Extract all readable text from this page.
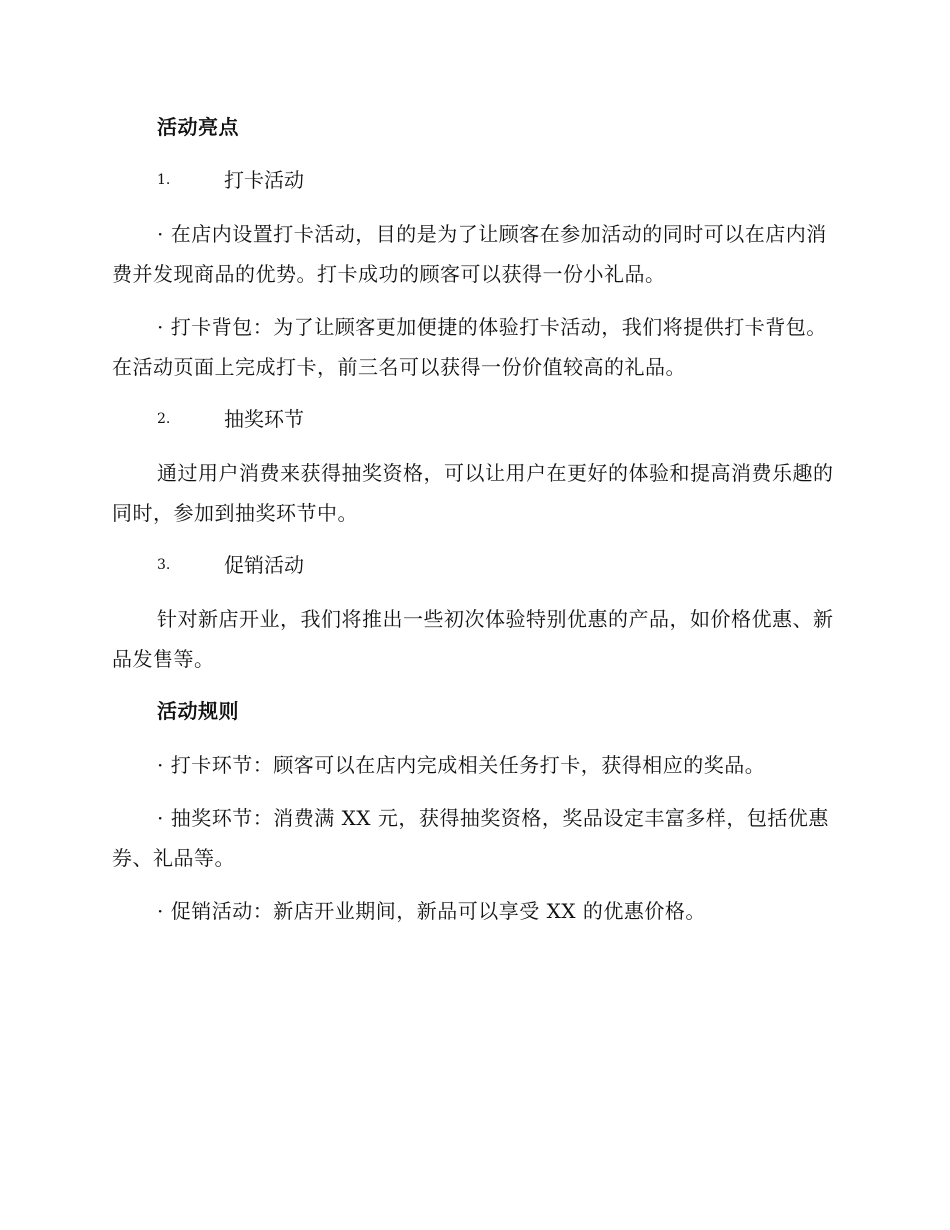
活动亮点
1.	打卡活动

· 在店内设置打卡活动，目的是为了让顾客在参加活动的同时可以在店内消费并发现商品的优势。打卡成功的顾客可以获得一份小礼品。

· 打卡背包：为了让顾客更加便捷的体验打卡活动，我们将提供打卡背包。在活动页面上完成打卡，前三名可以获得一份价值较高的礼品。

2.	抽奖环节

通过用户消费来获得抽奖资格，可以让用户在更好的体验和提高消费乐趣的同时，参加到抽奖环节中。

3.	促销活动

针对新店开业，我们将推出一些初次体验特别优惠的产品，如价格优惠、新品发售等。

活动规则

· 打卡环节：顾客可以在店内完成相关任务打卡，获得相应的奖品。

· 抽奖环节：消费满 XX 元，获得抽奖资格，奖品设定丰富多样，包括优惠券、礼品等。

· 促销活动：新店开业期间，新品可以享受 XX 的优惠价格。
